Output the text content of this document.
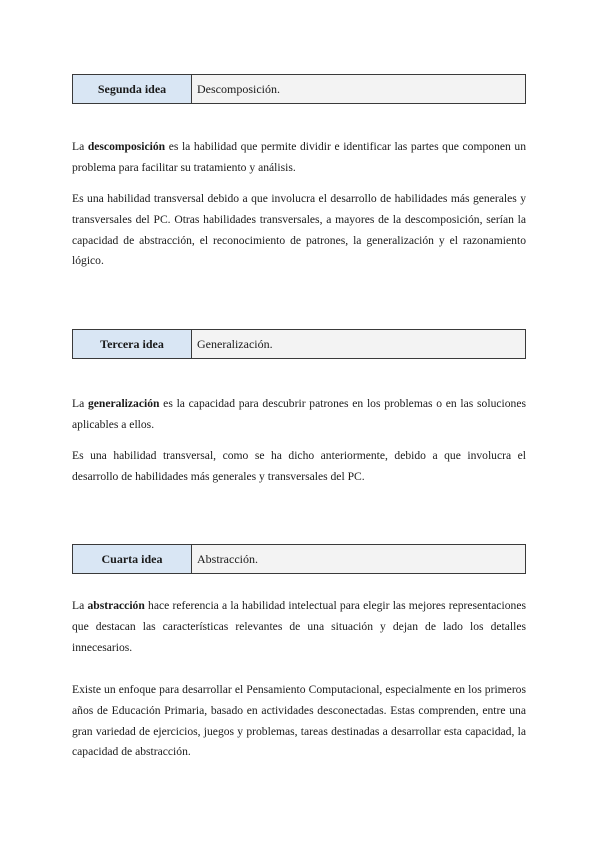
Segunda idea	Descomposición.

La descomposición es la habilidad que permite dividir e identificar las partes que componen un problema para facilitar su tratamiento y análisis.

Es una habilidad transversal debido a que involucra el desarrollo de habilidades más generales y transversales del PC. Otras habilidades transversales, a mayores de la descomposición, serían la capacidad de abstracción, el reconocimiento de patrones, la generalización y el razonamiento lógico.

Tercera idea	Generalización.

La generalización es la capacidad para descubrir patrones en los problemas o en las soluciones aplicables a ellos.

Es una habilidad transversal, como se ha dicho anteriormente, debido a que involucra el desarrollo de habilidades más generales y transversales del PC.

Cuarta idea	Abstracción.

La abstracción hace referencia a la habilidad intelectual para elegir las mejores representaciones que destacan las características relevantes de una situación y dejan de lado los detalles innecesarios.

Existe un enfoque para desarrollar el Pensamiento Computacional, especialmente en los primeros años de Educación Primaria, basado en actividades desconectadas. Estas comprenden, entre una gran variedad de ejercicios, juegos y problemas, tareas destinadas a desarrollar esta capacidad, la capacidad de abstracción.
